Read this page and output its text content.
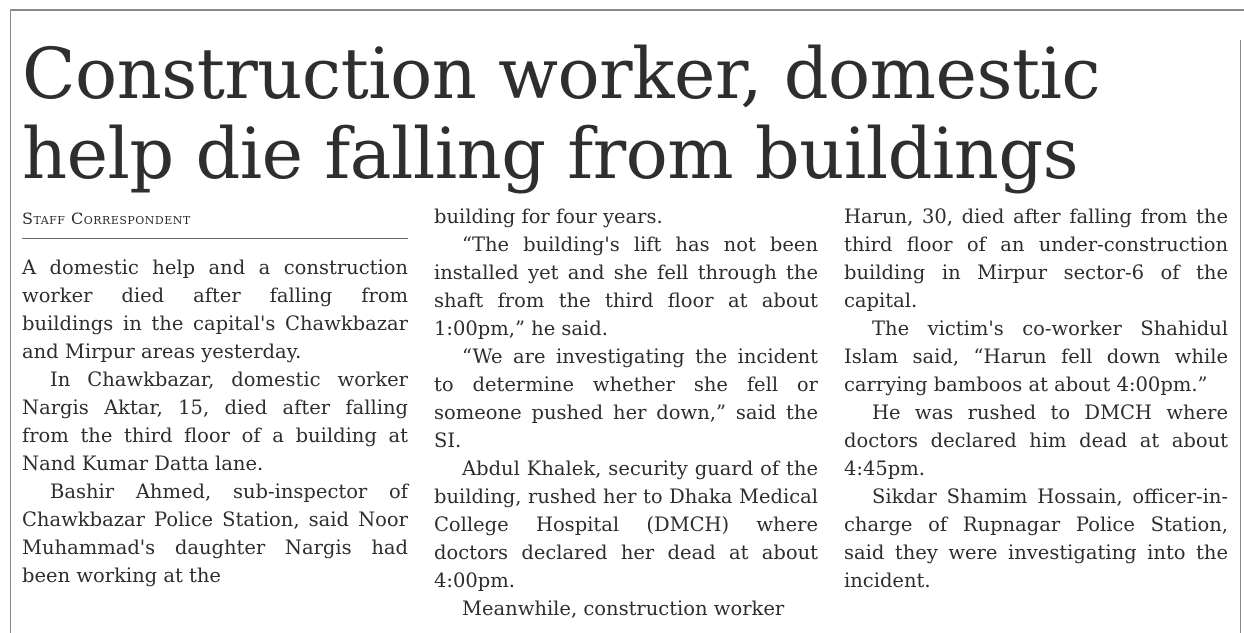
Construction worker, domestic
help die falling from buildings
Staff Correspondent

A domestic help and a construction worker died after falling from buildings in the capital's Chawkbazar and Mirpur areas yesterday.

In Chawkbazar, domestic worker Nargis Aktar, 15, died after falling from the third floor of a building at Nand Kumar Datta lane.

Bashir Ahmed, sub-inspector of Chawkbazar Police Station, said Noor Muhammad's daughter Nargis had been working at the

building for four years.

“The building's lift has not been installed yet and she fell through the shaft from the third floor at about 1:00pm,” he said.

“We are investigating the incident to determine whether she fell or someone pushed her down,” said the SI.

Abdul Khalek, security guard of the building, rushed her to Dhaka Medical College Hospital (DMCH) where doctors declared her dead at about 4:00pm.

Meanwhile, construction worker

Harun, 30, died after falling from the third floor of an under-construction building in Mirpur sector-6 of the capital.

The victim's co-worker Shahidul Islam said, “Harun fell down while carrying bamboos at about 4:00pm.”

He was rushed to DMCH where doctors declared him dead at about 4:45pm.

Sikdar Shamim Hossain, officer-in-charge of Rupnagar Police Station, said they were investigating into the incident.
